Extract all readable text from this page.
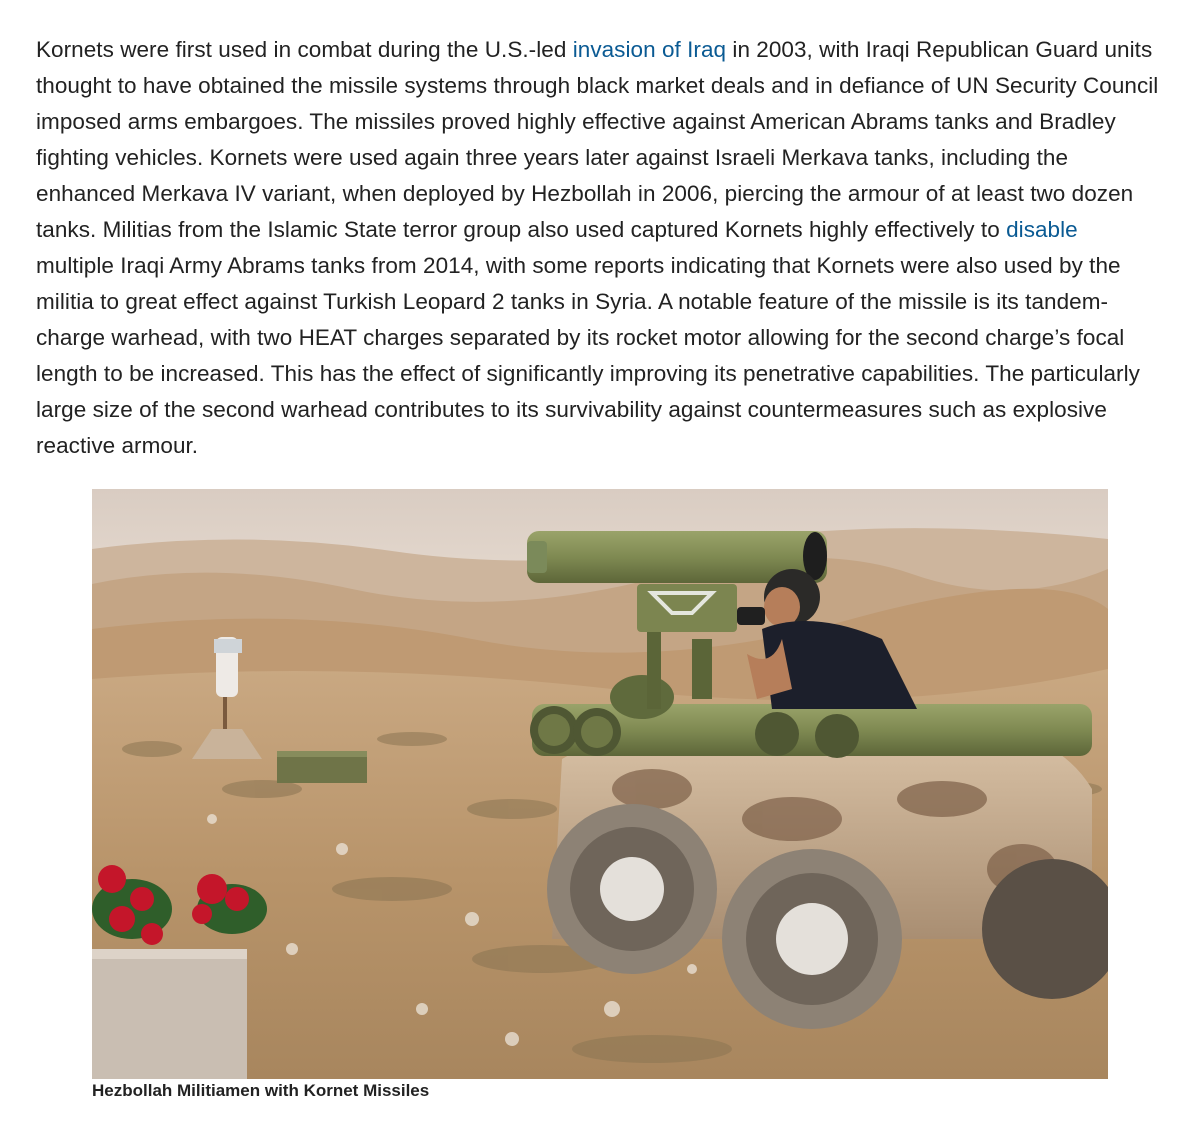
Kornets were first used in combat during the U.S.-led invasion of Iraq in 2003, with Iraqi Republican Guard units thought to have obtained the missile systems through black market deals and in defiance of UN Security Council imposed arms embargoes. The missiles proved highly effective against American Abrams tanks and Bradley fighting vehicles. Kornets were used again three years later against Israeli Merkava tanks, including the enhanced Merkava IV variant, when deployed by Hezbollah in 2006, piercing the armour of at least two dozen tanks. Militias from the Islamic State terror group also used captured Kornets highly effectively to disable multiple Iraqi Army Abrams tanks from 2014, with some reports indicating that Kornets were also used by the militia to great effect against Turkish Leopard 2 tanks in Syria. A notable feature of the missile is its tandem-charge warhead, with two HEAT charges separated by its rocket motor allowing for the second charge’s focal length to be increased. This has the effect of significantly improving its penetrative capabilities. The particularly large size of the second warhead contributes to its survivability against countermeasures such as explosive reactive armour.

Hezbollah Militiamen with Kornet Missiles
